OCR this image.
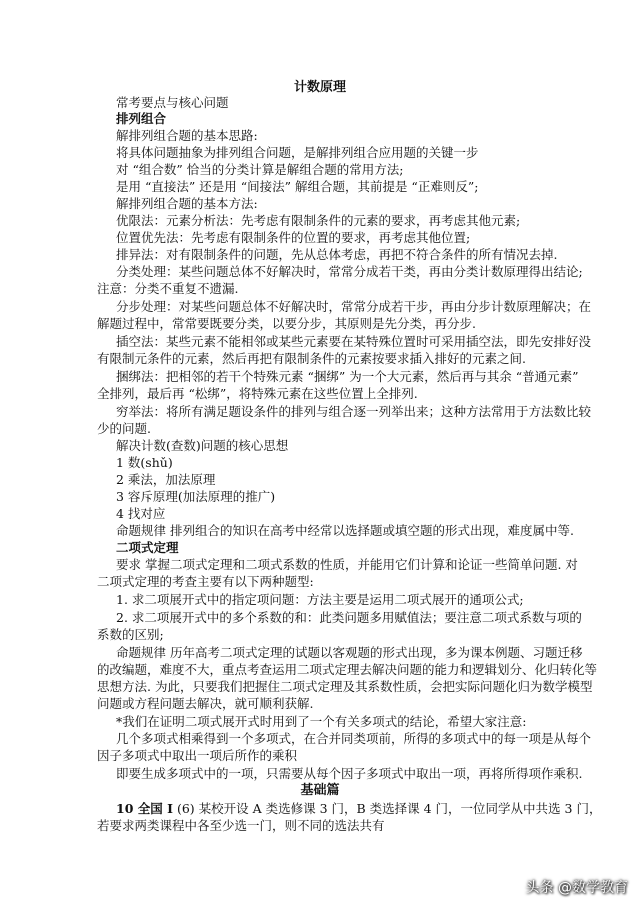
计数原理
常考要点与核心问题
排列组合
解排列组合题的基本思路:
将具体问题抽象为排列组合问题，是解排列组合应用题的关键一步
对 “组合数” 恰当的分类计算是解组合题的常用方法;
是用 “直接法” 还是用 “间接法” 解组合题，其前提是 “正难则反”;
解排列组合题的基本方法:
优限法：元素分析法：先考虑有限制条件的元素的要求，再考虑其他元素;
位置优先法：先考虑有限制条件的位置的要求，再考虑其他位置;
排异法：对有限制条件的问题，先从总体考虑，再把不符合条件的所有情况去掉.
分类处理：某些问题总体不好解决时，常常分成若干类，再由分类计数原理得出结论;
注意：分类不重复不遗漏.
分步处理：对某些问题总体不好解决时，常常分成若干步，再由分步计数原理解决；在
解题过程中，常常要既要分类，以要分步，其原则是先分类，再分步.
插空法：某些元素不能相邻或某些元素要在某特殊位置时可采用插空法，即先安排好没
有限制元条件的元素，然后再把有限制条件的元素按要求插入排好的元素之间.
捆绑法：把相邻的若干个特殊元素 “捆绑” 为一个大元素，然后再与其余 “普通元素”
全排列，最后再 “松绑”，将特殊元素在这些位置上全排列.
穷举法：将所有满足题设条件的排列与组合逐一列举出来；这种方法常用于方法数比较
少的问题.
解决计数(查数)问题的核心思想
1 数(shǔ)
2 乘法，加法原理
3 容斥原理(加法原理的推广)
4 找对应
命题规律 排列组合的知识在高考中经常以选择题或填空题的形式出现，难度属中等.
二项式定理
要求 掌握二项式定理和二项式系数的性质，并能用它们计算和论证一些简单问题. 对
二项式定理的考查主要有以下两种题型:
1. 求二项展开式中的指定项问题：方法主要是运用二项式展开的通项公式;
2. 求二项展开式中的多个系数的和：此类问题多用赋值法；要注意二项式系数与项的
系数的区别;
命题规律 历年高考二项式定理的试题以客观题的形式出现，多为课本例题、习题迁移
的改编题，难度不大，重点考查运用二项式定理去解决问题的能力和逻辑划分、化归转化等
思想方法. 为此，只要我们把握住二项式定理及其系数性质，会把实际问题化归为数学模型
问题或方程问题去解决，就可顺利获解.
*我们在证明二项式展开式时用到了一个有关多项式的结论，希望大家注意:
几个多项式相乘得到一个多项式，在合并同类项前，所得的多项式中的每一项是从每个
因子多项式中取出一项后所作的乘积
即要生成多项式中的一项，只需要从每个因子多项式中取出一项，再将所得项作乘积.
基础篇
10 全国 Ⅰ (6) 某校开设 A 类选修课 3 门，B 类选择课 4 门，一位同学从中共选 3 门，
若要求两类课程中各至少选一门，则不同的选法共有
头条 @数学教育
